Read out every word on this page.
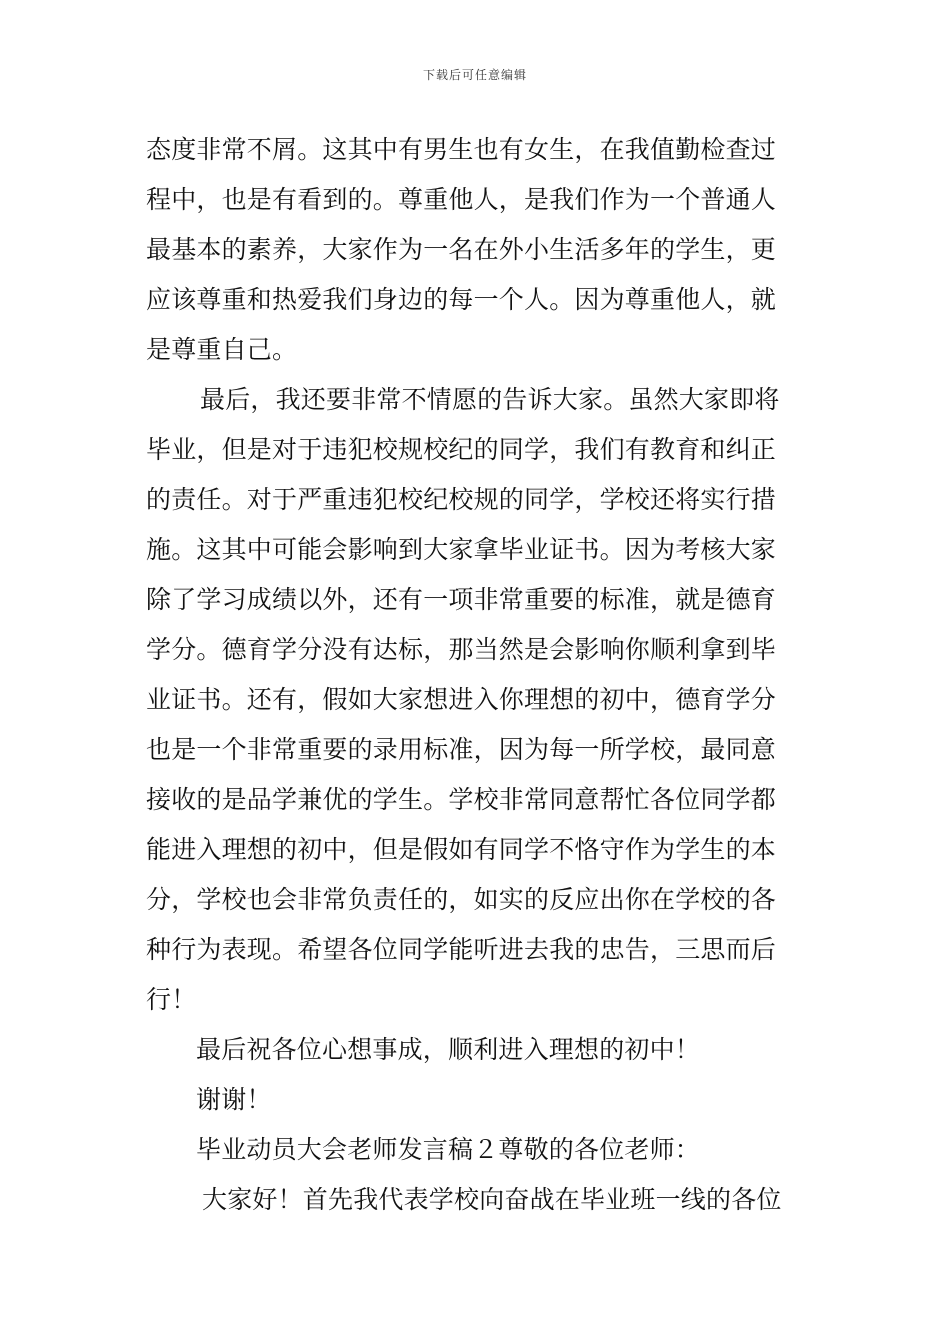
下载后可任意编辑
态度非常不屑。这其中有男生也有女生，在我值勤检查过
程中，也是有看到的。尊重他人，是我们作为一个普通人
最基本的素养，大家作为一名在外小生活多年的学生，更
应该尊重和热爱我们身边的每一个人。因为尊重他人，就
是尊重自己。
最后，我还要非常不情愿的告诉大家。虽然大家即将
毕业，但是对于违犯校规校纪的同学，我们有教育和纠正
的责任。对于严重违犯校纪校规的同学，学校还将实行措
施。这其中可能会影响到大家拿毕业证书。因为考核大家
除了学习成绩以外，还有一项非常重要的标准，就是德育
学分。德育学分没有达标，那当然是会影响你顺利拿到毕
业证书。还有，假如大家想进入你理想的初中，德育学分
也是一个非常重要的录用标准，因为每一所学校，最同意
接收的是品学兼优的学生。学校非常同意帮忙各位同学都
能进入理想的初中，但是假如有同学不恪守作为学生的本
分，学校也会非常负责任的，如实的反应出你在学校的各
种行为表现。希望各位同学能听进去我的忠告，三思而后
行！
最后祝各位心想事成，顺利进入理想的初中！
谢谢！
毕业动员大会老师发言稿２尊敬的各位老师：
大家好！首先我代表学校向奋战在毕业班一线的各位
